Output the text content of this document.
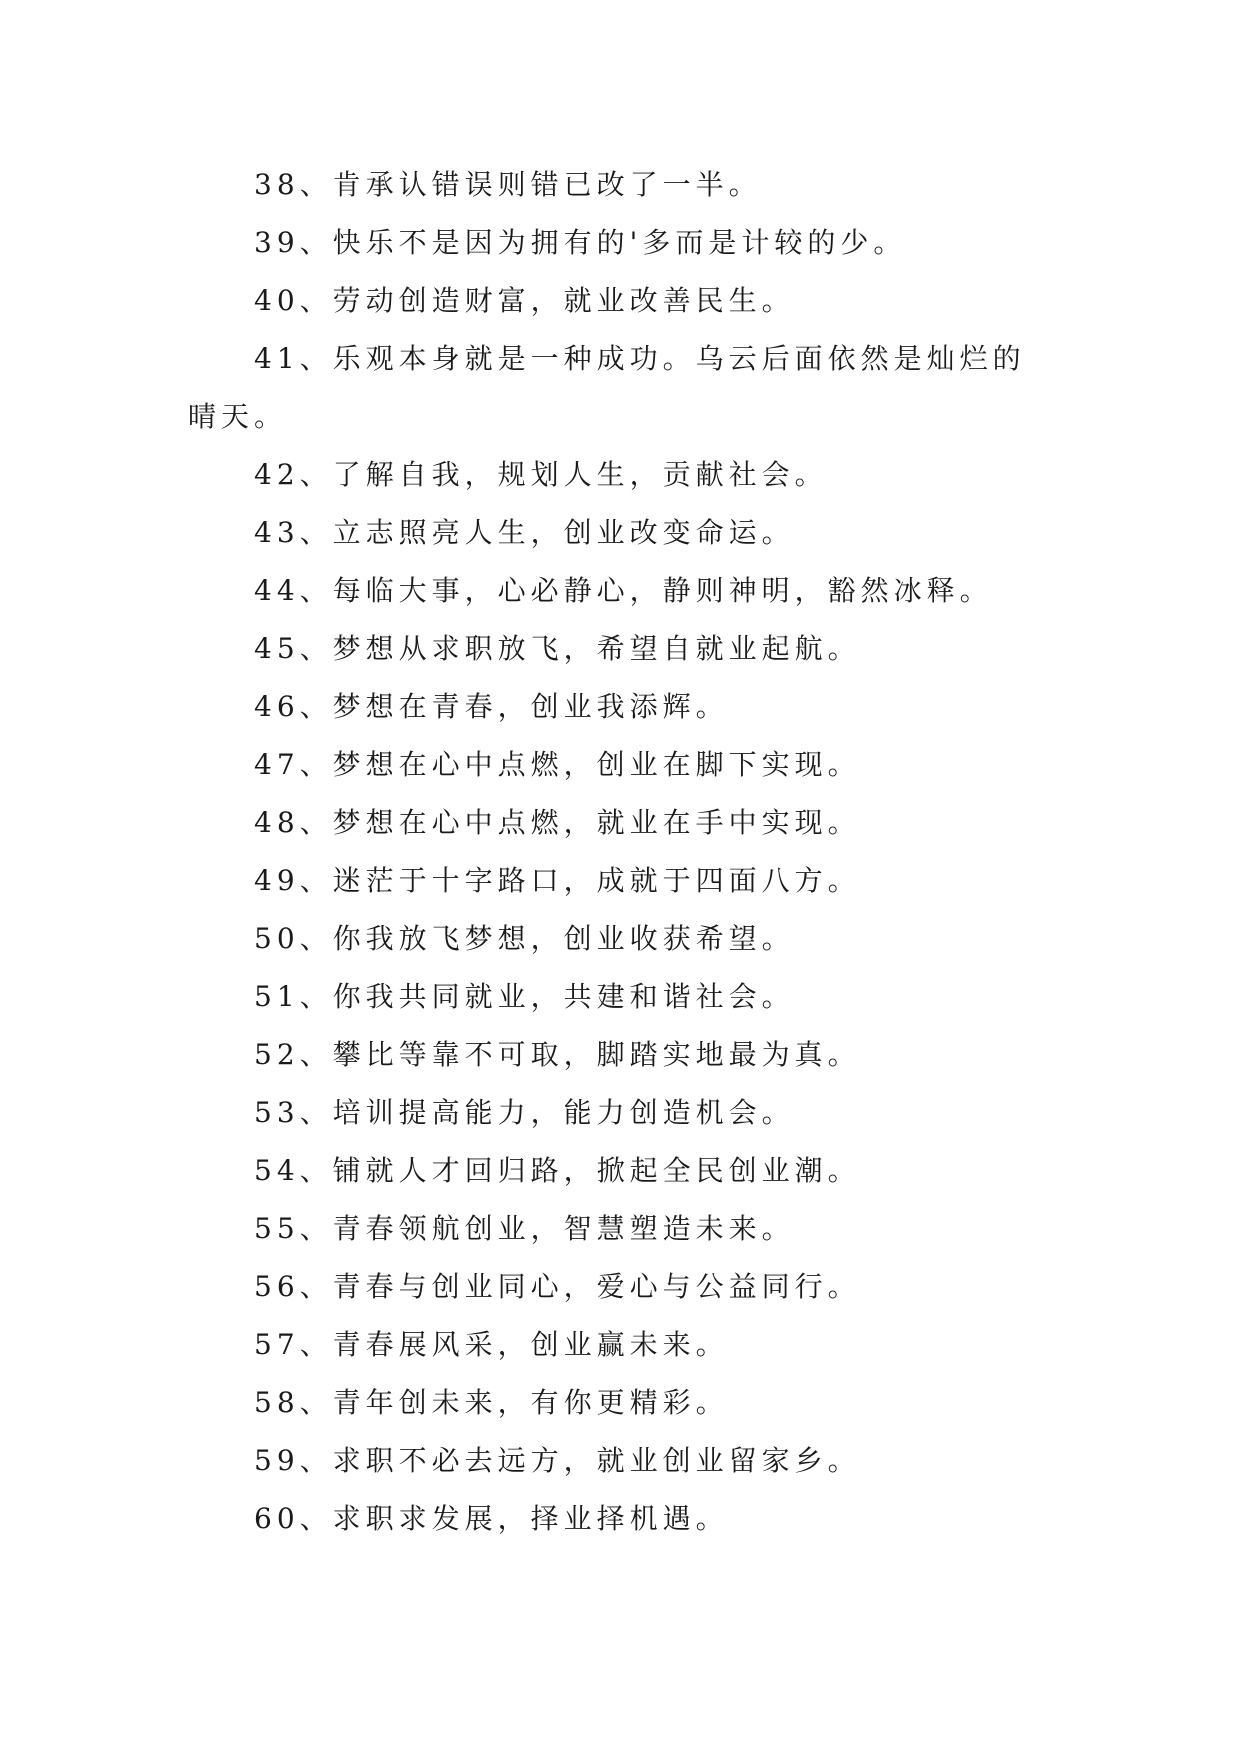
38、肯承认错误则错已改了一半。

39、快乐不是因为拥有的'多而是计较的少。

40、劳动创造财富，就业改善民生。

41、乐观本身就是一种成功。乌云后面依然是灿烂的晴天。

42、了解自我，规划人生，贡献社会。

43、立志照亮人生，创业改变命运。

44、每临大事，心必静心，静则神明，豁然冰释。

45、梦想从求职放飞，希望自就业起航。

46、梦想在青春，创业我添辉。

47、梦想在心中点燃，创业在脚下实现。

48、梦想在心中点燃，就业在手中实现。

49、迷茫于十字路口，成就于四面八方。

50、你我放飞梦想，创业收获希望。

51、你我共同就业，共建和谐社会。

52、攀比等靠不可取，脚踏实地最为真。

53、培训提高能力，能力创造机会。

54、铺就人才回归路，掀起全民创业潮。

55、青春领航创业，智慧塑造未来。

56、青春与创业同心，爱心与公益同行。

57、青春展风采，创业赢未来。

58、青年创未来，有你更精彩。

59、求职不必去远方，就业创业留家乡。

60、求职求发展，择业择机遇。
